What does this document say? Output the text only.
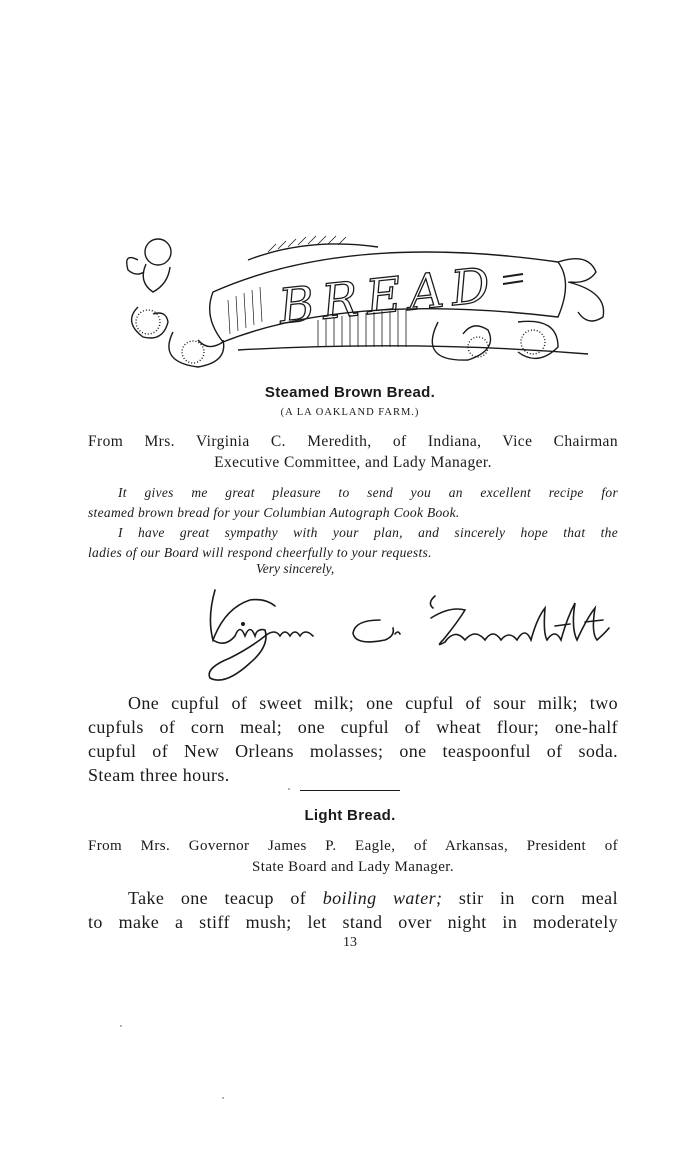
BREAD
Steamed Brown Bread.
(A LA OAKLAND FARM.)
From Mrs. Virginia C. Meredith, of Indiana, Vice Chairman
Executive Committee, and Lady Manager.

It gives me great pleasure to send you an excellent recipe for

steamed brown bread for your Columbian Autograph Cook Book.

I have great sympathy with your plan, and sincerely hope that the

ladies of our Board will respond cheerfully to your requests.

Very sincerely,
One cupful of sweet milk; one cupful of sour milk; two
cupfuls of corn meal; one cupful of wheat flour; one-half
cupful of New Orleans molasses; one teaspoonful of soda.
Steam three hours.
Light Bread.
From Mrs. Governor James P. Eagle, of Arkansas, President of
State Board and Lady Manager.
Take one teacup of boiling water; stir in corn meal
to make a stiff mush; let stand over night in moderately
13
